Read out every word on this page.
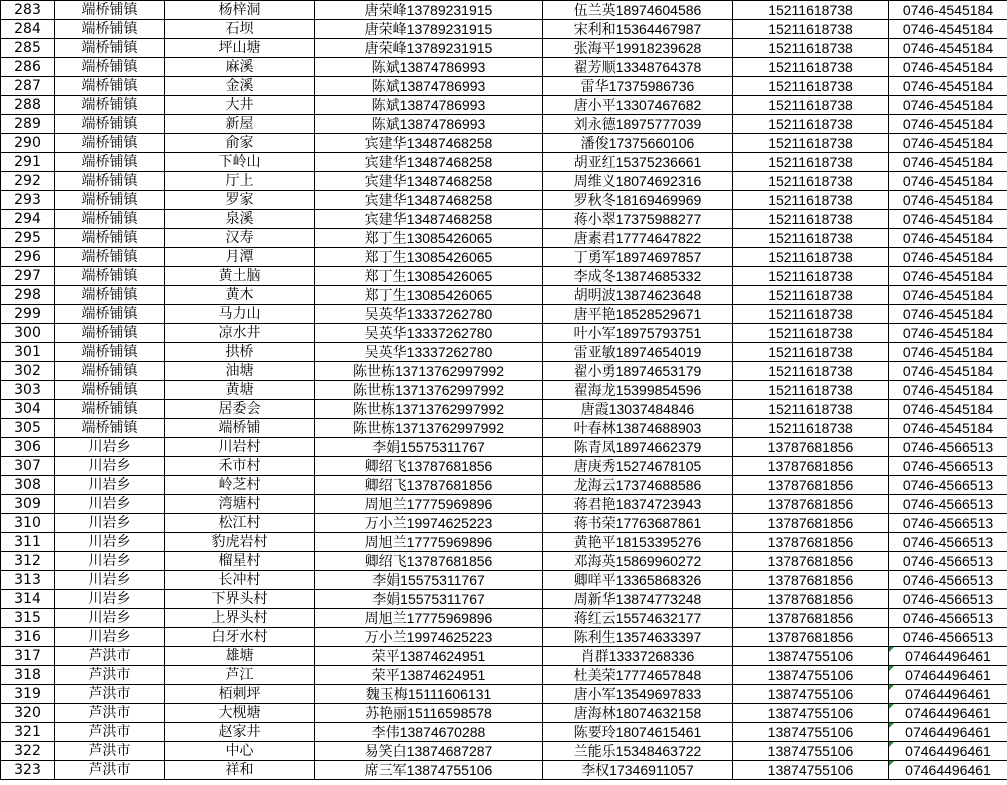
283	端桥铺镇	杨梓洞	唐荣峰13789231915	伍兰英18974604586	15211618738	0746-4545184
284	端桥铺镇	石坝	唐荣峰13789231915	宋利和15364467987	15211618738	0746-4545184
285	端桥铺镇	坪山塘	唐荣峰13789231915	张海平19918239628	15211618738	0746-4545184
286	端桥铺镇	麻溪	陈斌13874786993	翟芳顺13348764378	15211618738	0746-4545184
287	端桥铺镇	金溪	陈斌13874786993	雷华17375986736	15211618738	0746-4545184
288	端桥铺镇	大井	陈斌13874786993	唐小平13307467682	15211618738	0746-4545184
289	端桥铺镇	新屋	陈斌13874786993	刘永德18975777039	15211618738	0746-4545184
290	端桥铺镇	俞家	宾建华13487468258	潘俊17375660106	15211618738	0746-4545184
291	端桥铺镇	下岭山	宾建华13487468258	胡亚红15375236661	15211618738	0746-4545184
292	端桥铺镇	厅上	宾建华13487468258	周维义18074692316	15211618738	0746-4545184
293	端桥铺镇	罗家	宾建华13487468258	罗秋冬18169469969	15211618738	0746-4545184
294	端桥铺镇	泉溪	宾建华13487468258	蒋小翠17375988277	15211618738	0746-4545184
295	端桥铺镇	汉寿	郑丁生13085426065	唐素君17774647822	15211618738	0746-4545184
296	端桥铺镇	月潭	郑丁生13085426065	丁勇军18974697857	15211618738	0746-4545184
297	端桥铺镇	黄土脑	郑丁生13085426065	李成冬13874685332	15211618738	0746-4545184
298	端桥铺镇	黄木	郑丁生13085426065	胡明波13874623648	15211618738	0746-4545184
299	端桥铺镇	马力山	吴英华13337262780	唐平艳18528529671	15211618738	0746-4545184
300	端桥铺镇	凉水井	吴英华13337262780	叶小军18975793751	15211618738	0746-4545184
301	端桥铺镇	拱桥	吴英华13337262780	雷亚敏18974654019	15211618738	0746-4545184
302	端桥铺镇	油塘	陈世栋13713762997992	翟小勇18974653179	15211618738	0746-4545184
303	端桥铺镇	黄塘	陈世栋13713762997992	翟海龙15399854596	15211618738	0746-4545184
304	端桥铺镇	居委会	陈世栋13713762997992	唐霞13037484846	15211618738	0746-4545184
305	端桥铺镇	端桥铺	陈世栋13713762997992	叶春林13874688903	15211618738	0746-4545184
306	川岩乡	川岩村	李娟15575311767	陈青凤18974662379	13787681856	0746-4566513
307	川岩乡	禾市村	卿绍飞13787681856	唐庚秀15274678105	13787681856	0746-4566513
308	川岩乡	岭芝村	卿绍飞13787681856	龙海云17374688586	13787681856	0746-4566513
309	川岩乡	湾塘村	周旭兰17775969896	蒋君艳18374723943	13787681856	0746-4566513
310	川岩乡	松江村	万小兰19974625223	蒋书荣17763687861	13787681856	0746-4566513
311	川岩乡	豹虎岩村	周旭兰17775969896	黄艳平18153395276	13787681856	0746-4566513
312	川岩乡	榴星村	卿绍飞13787681856	邓海英15869960272	13787681856	0746-4566513
313	川岩乡	长冲村	李娟15575311767	卿咩平13365868326	13787681856	0746-4566513
314	川岩乡	下界头村	李娟15575311767	周新华13874773248	13787681856	0746-4566513
315	川岩乡	上界头村	周旭兰17775969896	蒋红云15574632177	13787681856	0746-4566513
316	川岩乡	白牙水村	万小兰19974625223	陈利生13574633397	13787681856	0746-4566513
317	芦洪市	雄塘	荣平13874624951	肖群13337268336	13874755106	07464496461
318	芦洪市	芦江	荣平13874624951	杜美荣17774657848	13874755106	07464496461
319	芦洪市	栢刺坪	魏玉梅15111606131	唐小军13549697833	13874755106	07464496461
320	芦洪市	大枧塘	苏艳丽15116598578	唐海林18074632158	13874755106	07464496461
321	芦洪市	赵家井	李伟13874670288	陈要玲18074615461	13874755106	07464496461
322	芦洪市	中心	易笑白13874687287	兰能乐15348463722	13874755106	07464496461
323	芦洪市	祥和	席三军13874755106	李权17346911057	13874755106	07464496461
